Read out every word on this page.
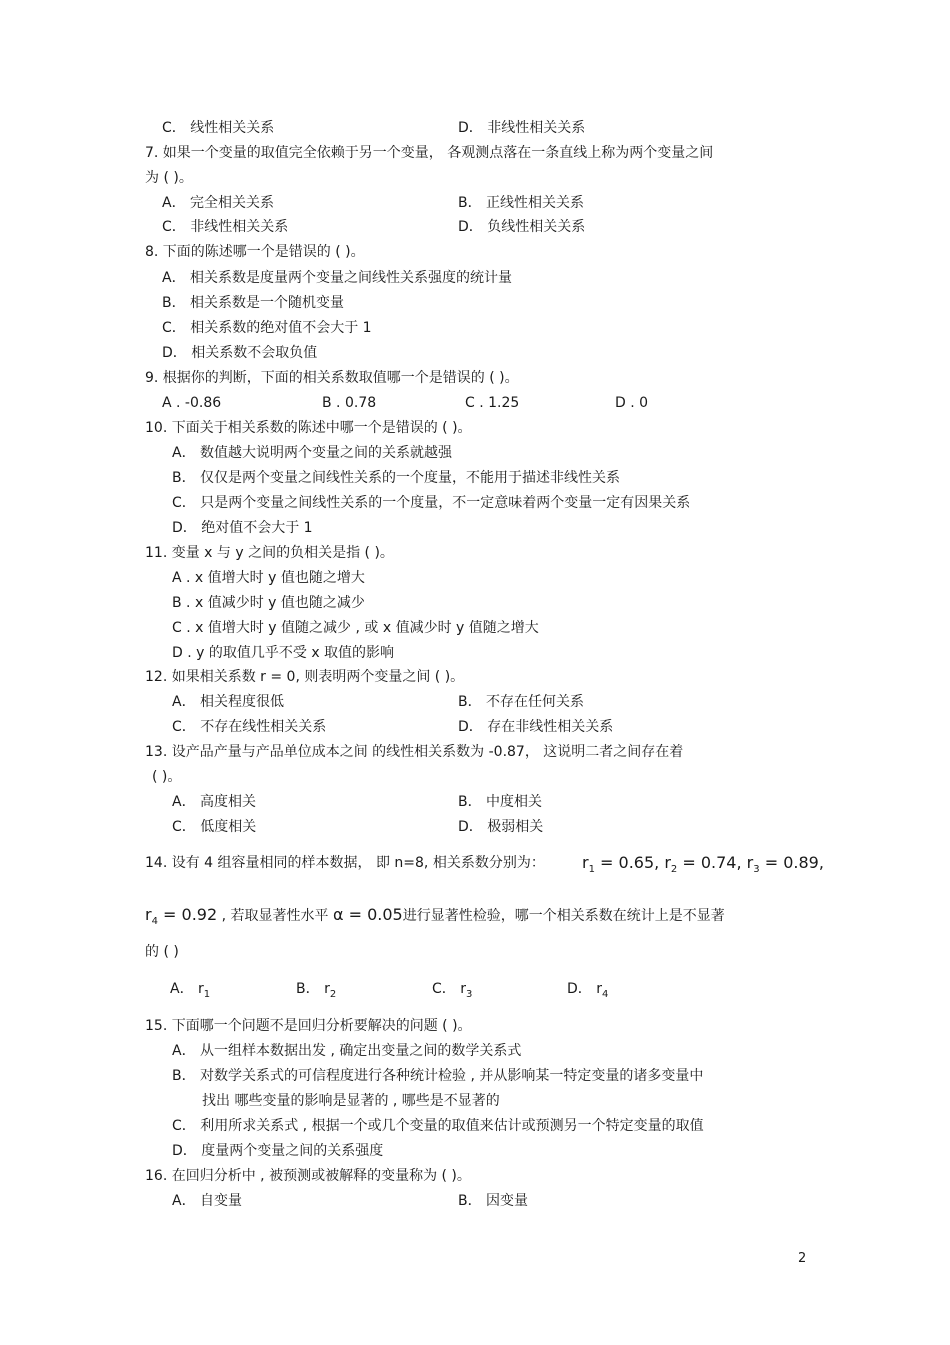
C． 线性相关关系	D． 非线性相关关系
7. 如果一个变量的取值完全依赖于另一个变量， 各观测点落在一条直线上称为两个变量之间
为 ( )。
A． 完全相关关系	B． 正线性相关关系
C． 非线性相关关系	D． 负线性相关关系
8. 下面的陈述哪一个是错误的 ( )。
A． 相关系数是度量两个变量之间线性关系强度的统计量
B． 相关系数是一个随机变量
C． 相关系数的绝对值不会大于 1
D． 相关系数不会取负值
9. 根据你的判断，下面的相关系数取值哪一个是错误的 ( )。
A . -0.86	B . 0.78	C . 1.25	D . 0
10. 下面关于相关系数的陈述中哪一个是错误的 ( )。
A． 数值越大说明两个变量之间的关系就越强
B． 仅仅是两个变量之间线性关系的一个度量，不能用于描述非线性关系
C． 只是两个变量之间线性关系的一个度量，不一定意味着两个变量一定有因果关系
D． 绝对值不会大于 1
11. 变量 x 与 y 之间的负相关是指 ( )。
A . x 值增大时 y 值也随之增大
B . x 值减少时 y 值也随之减少
C . x 值增大时 y 值随之减少 , 或 x 值减少时 y 值随之增大
D . y 的取值几乎不受 x 取值的影响
12. 如果相关系数 r = 0, 则表明两个变量之间 ( )。
A． 相关程度很低	B． 不存在任何关系
C． 不存在线性相关关系	D． 存在非线性相关关系
13. 设产品产量与产品单位成本之间 的线性相关系数为 -0.87， 这说明二者之间存在着
( )。
A． 高度相关	B． 中度相关
C． 低度相关	D． 极弱相关
14. 设有 4 组容量相同的样本数据， 即 n=8, 相关系数分别为： $r_1 = 0.65$, $r_2 = 0.74$, $r_3 = 0.89$,
$r_4 = 0.92$ , 若取显著性水平 α = 0.05进行显著性检验，哪一个相关系数在统计上是不显著
的 ( )
A． $r_1$	B． $r_2$	C． $r_3$	D． $r_4$
15. 下面哪一个问题不是回归分析要解决的问题 ( )。
A． 从一组样本数据出发 , 确定出变量之间的数学关系式
B． 对数学关系式的可信程度进行各种统计检验 , 并从影响某一特定变量的诸多变量中
找出 哪些变量的影响是显著的 , 哪些是不显著的
C． 利用所求关系式 , 根据一个或几个变量的取值来估计或预测另一个特定变量的取值
D． 度量两个变量之间的关系强度
16. 在回归分析中 , 被预测或被解释的变量称为 ( )。
A． 自变量	B． 因变量
2
